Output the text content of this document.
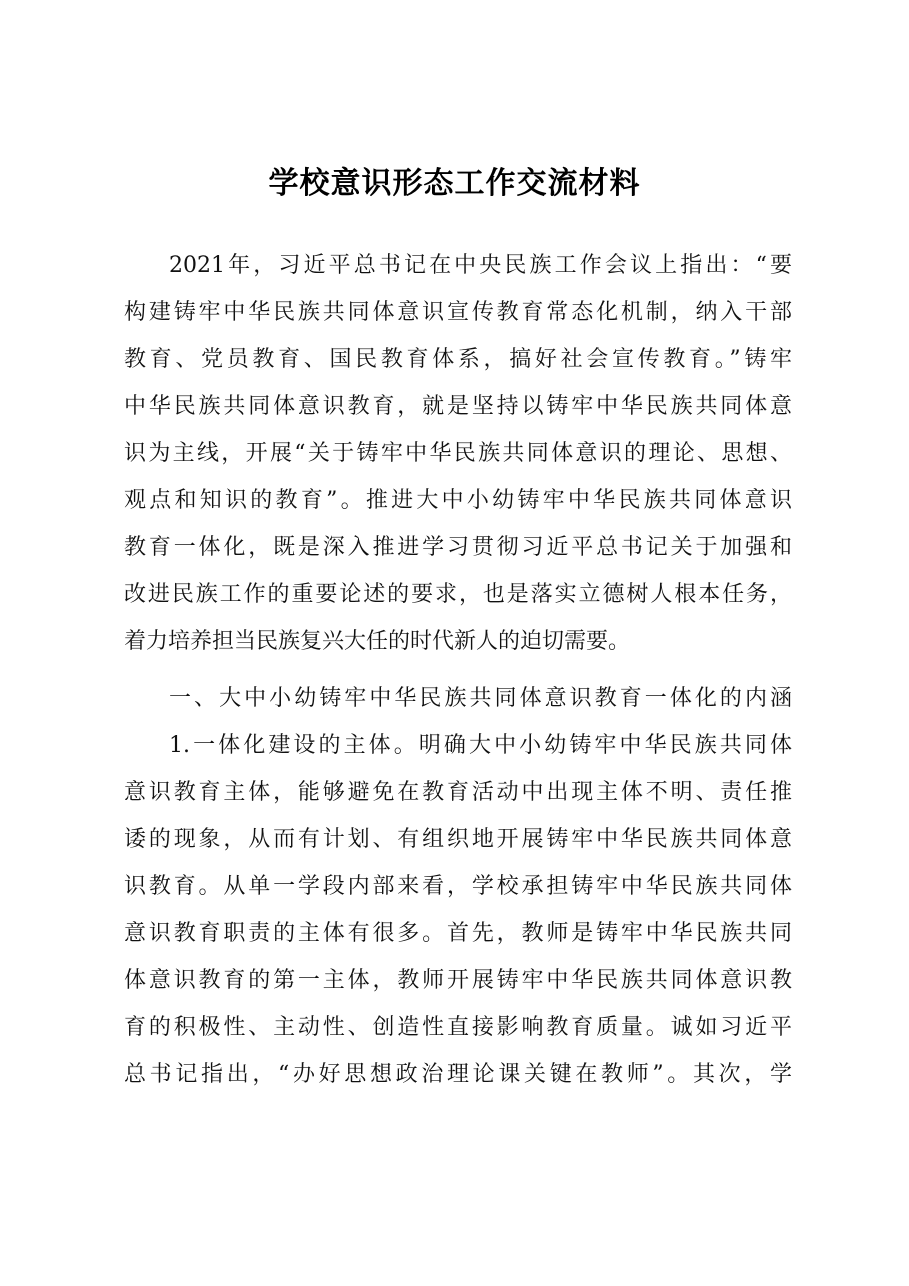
学校意识形态工作交流材料
2021年，习近平总书记在中央民族工作会议上指出：“要
构建铸牢中华民族共同体意识宣传教育常态化机制，纳入干部
教育、党员教育、国民教育体系，搞好社会宣传教育。”铸牢
中华民族共同体意识教育，就是坚持以铸牢中华民族共同体意
识为主线，开展“关于铸牢中华民族共同体意识的理论、思想、
观点和知识的教育”。推进大中小幼铸牢中华民族共同体意识
教育一体化，既是深入推进学习贯彻习近平总书记关于加强和
改进民族工作的重要论述的要求，也是落实立德树人根本任务，
着力培养担当民族复兴大任的时代新人的迫切需要。
一、大中小幼铸牢中华民族共同体意识教育一体化的内涵
1.一体化建设的主体。明确大中小幼铸牢中华民族共同体
意识教育主体，能够避免在教育活动中出现主体不明、责任推
诿的现象，从而有计划、有组织地开展铸牢中华民族共同体意
识教育。从单一学段内部来看，学校承担铸牢中华民族共同体
意识教育职责的主体有很多。首先，教师是铸牢中华民族共同
体意识教育的第一主体，教师开展铸牢中华民族共同体意识教
育的积极性、主动性、创造性直接影响教育质量。诚如习近平
总书记指出，“办好思想政治理论课关键在教师”。其次，学
